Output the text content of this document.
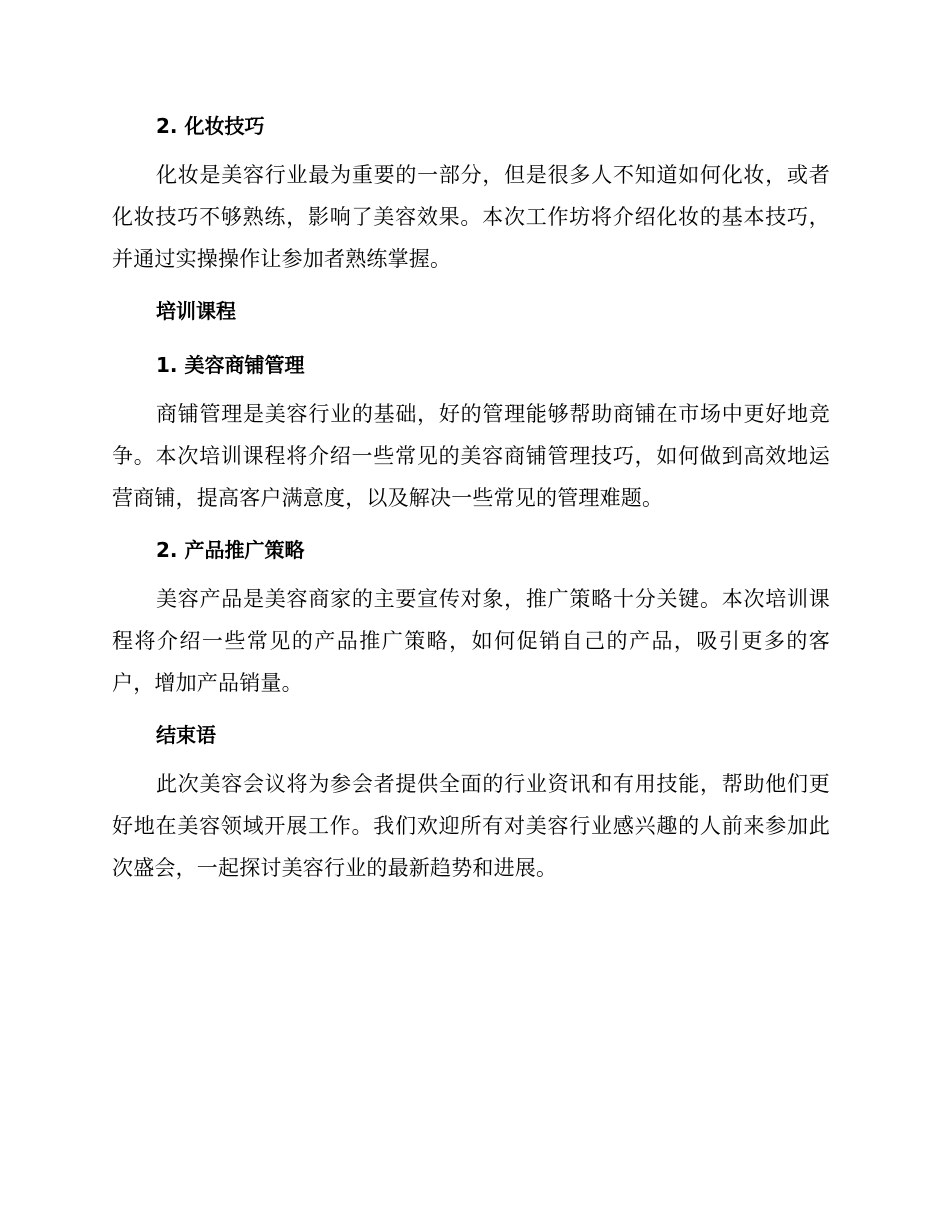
2. 化妆技巧

化妆是美容行业最为重要的一部分，但是很多人不知道如何化妆，或者化妆技巧不够熟练，影响了美容效果。本次工作坊将介绍化妆的基本技巧，并通过实操操作让参加者熟练掌握。

培训课程
1. 美容商铺管理

商铺管理是美容行业的基础，好的管理能够帮助商铺在市场中更好地竞争。本次培训课程将介绍一些常见的美容商铺管理技巧，如何做到高效地运营商铺，提高客户满意度，以及解决一些常见的管理难题。

2. 产品推广策略

美容产品是美容商家的主要宣传对象，推广策略十分关键。本次培训课程将介绍一些常见的产品推广策略，如何促销自己的产品，吸引更多的客户，增加产品销量。

结束语

此次美容会议将为参会者提供全面的行业资讯和有用技能，帮助他们更好地在美容领域开展工作。我们欢迎所有对美容行业感兴趣的人前来参加此次盛会，一起探讨美容行业的最新趋势和进展。
